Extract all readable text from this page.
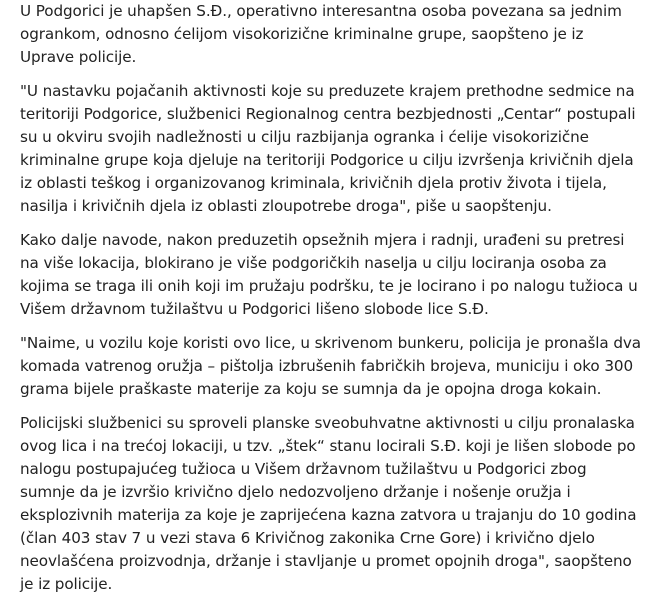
U Podgorici je uhapšen S.Đ., operativno interesantna osoba povezana sa jednim ogrankom, odnosno ćelijom visokorizične kriminalne grupe, saopšteno je iz Uprave policije.

"U nastavku pojačanih aktivnosti koje su preduzete krajem prethodne sedmice na teritoriji Podgorice, službenici Regionalnog centra bezbjednosti „Centar“ postupali su u okviru svojih nadležnosti u cilju razbijanja ogranka i ćelije visokorizične kriminalne grupe koja djeluje na teritoriji Podgorice u cilju izvršenja krivičnih djela iz oblasti teškog i organizovanog kriminala, krivičnih djela protiv života i tijela, nasilja i krivičnih djela iz oblasti zloupotrebe droga", piše u saopštenju.

Kako dalje navode, nakon preduzetih opsežnih mjera i radnji, urađeni su pretresi na više lokacija, blokirano je više podgoričkih naselja u cilju lociranja osoba za kojima se traga ili onih koji im pružaju podršku, te je locirano i po nalogu tužioca u Višem državnom tužilaštvu u Podgorici lišeno slobode lice S.Đ.

"Naime, u vozilu koje koristi ovo lice, u skrivenom bunkeru, policija je pronašla dva komada vatrenog oružja – pištolja izbrušenih fabričkih brojeva, municiju i oko 300 grama bijele praškaste materije za koju se sumnja da je opojna droga kokain.

Policijski službenici su sproveli planske sveobuhvatne aktivnosti u cilju pronalaska ovog lica i na trećoj lokaciji, u tzv. „štek“ stanu locirali S.Đ. koji je lišen slobode po nalogu postupajućeg tužioca u Višem državnom tužilaštvu u Podgorici zbog sumnje da je izvršio krivično djelo nedozvoljeno držanje i nošenje oružja i eksplozivnih materija za koje je zaprijećena kazna zatvora u trajanju do 10 godina (član 403 stav 7 u vezi stava 6 Krivičnog zakonika Crne Gore) i krivično djelo neovlašćena proizvodnja, držanje i stavljanje u promet opojnih droga", saopšteno je iz policije.
